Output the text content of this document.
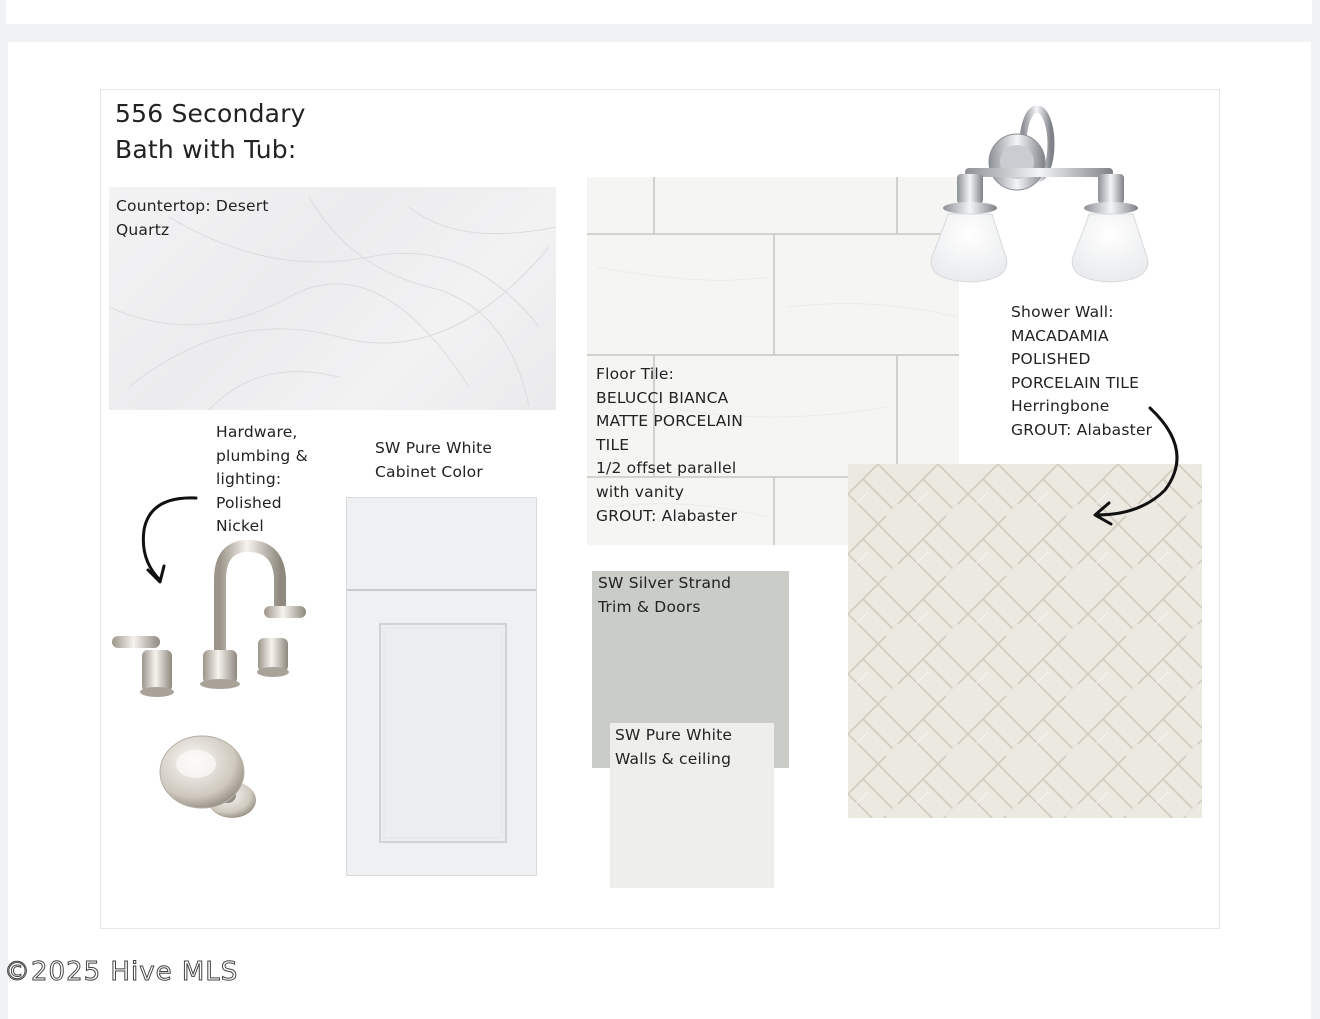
556 Secondary
Bath with Tub:
Countertop: Desert
Quartz
Floor Tile:
BELUCCI BIANCA
MATTE PORCELAIN
TILE
1/2 offset parallel
with vanity
GROUT: Alabaster
Shower Wall:
MACADAMIA
POLISHED
PORCELAIN TILE
Herringbone
GROUT: Alabaster
Hardware,
plumbing &
lighting:
Polished
Nickel
SW Pure White
Cabinet Color
SW Silver Strand
Trim & Doors
SW Pure White
Walls & ceiling
©2025 Hive MLS
